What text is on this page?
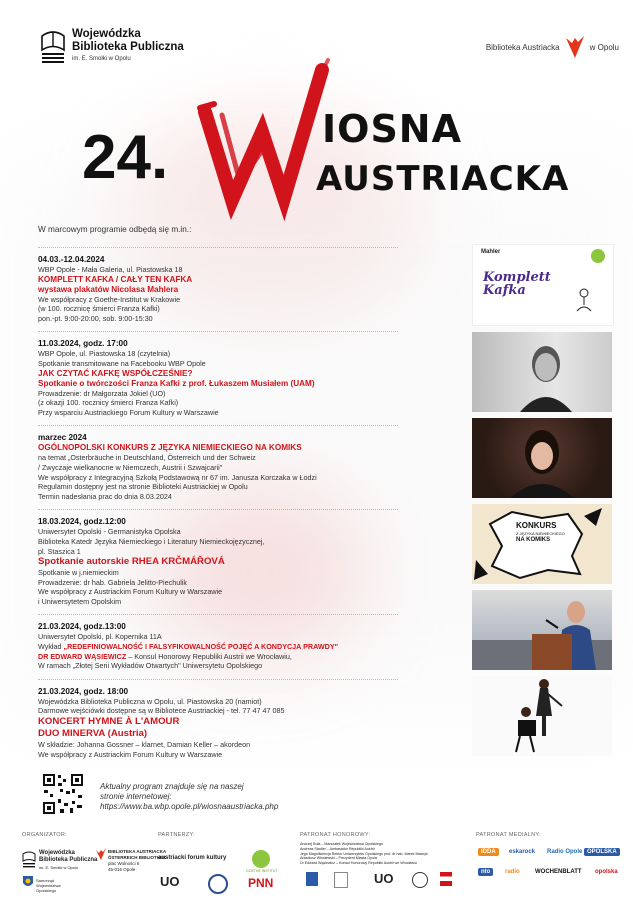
Wojewódzka
Biblioteka Publiczna
im. E. Smołki w Opolu
Biblioteka Austriacka	w Opolu
24.	IOSNA
AUSTRIACKA
W marcowym programie odbędą się m.in.:
04.03.-12.04.2024
WBP Opole - Mała Galeria, ul. Piastowska 18
KOMPLETT KAFKA / CAŁY TEN KAFKA
wystawa plakatów Nicolasa Mahlera
We współpracy z Goethe-Institut w Krakowie
(w 100. rocznicę śmierci Franza Kafki)
pon.-pt. 9:00-20:00, sob. 9:00-15:30
11.03.2024, godz. 17:00
WBP Opole, ul. Piastowska 18 (czytelnia)
Spotkanie transmitowane na Facebooku WBP Opole
JAK CZYTAĆ KAFKĘ WSPÓŁCZEŚNIE?
Spotkanie o twórczości Franza Kafki z prof. Łukaszem Musiałem (UAM)
Prowadzenie: dr Małgorzata Jokiel (UO)
(z okazji 100. rocznicy śmierci Franza Kafki)
Przy wsparciu Austriackiego Forum Kultury w Warszawie
marzec 2024
OGÓLNOPOLSKI KONKURS Z JĘZYKA NIEMIECKIEGO NA KOMIKS
na temat „Osterbräuche in Deutschland, Österreich und der Schweiz
/ Zwyczaje wielkanocne w Niemczech, Austrii i Szwajcarii"
We współpracy z Integracyjną Szkołą Podstawową nr 67 im. Janusza Korczaka w Łodzi
Regulamin dostępny jest na stronie Biblioteki Austriackiej w Opolu
Termin nadesłania prac do dnia 8.03.2024
18.03.2024, godz.12:00
Uniwersytet Opolski - Germanistyka Opolska
Biblioteka Katedr Języka Niemieckiego i Literatury Niemieckojęzycznej,
pl. Staszica 1
Spotkanie autorskie RHEA KRČMÁŘOVÁ
Spotkanie w j.niemieckim
Prowadzenie: dr hab. Gabriela Jelitto-Piechulik
We współpracy z Austriackim Forum Kultury w Warszawie
i Uniwersytetem Opolskim
21.03.2024, godz.13:00
Uniwersytet Opolski, pl. Kopernika 11A
Wykład „REDEFINIOWALNOŚĆ I FALSYFIKOWALNOŚĆ POJĘĆ A KONDYCJA PRAWDY"
DR EDWARD WĄSIEWICZ – Konsul Honorowy Republiki Austrii we Wrocławiu,
W ramach „Złotej Serii Wykładów Otwartych" Uniwersytetu Opolskiego
21.03.2024, godz. 18:00
Wojewódzka Biblioteka Publiczna w Opolu, ul. Piastowska 20 (namiot)
Darmowe wejściówki dostępne są w Bibliotece Austriackiej - tel. 77 47 47 085
KONCERT HYMNE À L'AMOUR
DUO MINERVA (Austria)
W składzie: Johanna Gossner – klarnet, Damian Keller – akordeon
We współpracy z Austriackim Forum Kultury w Warszawie
Mahler
Komplett Kafka
KONKURS
Z JĘZYKA NIEMIECKIEGO
NA KOMIKS
Aktualny program znajduje się na naszej
stronie internetowej:
https://www.ba.wbp.opole.pl/wiosnaaustriacka.php
ORGANIZATOR:	PARTNERZY:	PATRONAT HONOROWY:	PATRONAT MEDIALNY:
Wojewódzka
Biblioteka Publiczna
im. E. Smołki w Opolu
Samorząd Województwa Opolskiego
BIBLIOTEKA AUSTRIACKA
ÖSTERREICH BIBLIOTHEK
plac Wolności 6
45-016 Opole
austriacki forum kultury
GOETHE INSTITUT
UO	PNN
Andrzej Buła – Marszałek Województwa Opolskiego
Andreas Stadler – Ambasador Republiki Austrii
Jego Magnificencja Rektor Uniwersytetu Opolskiego prof. dr hab. Marek Masnyk
Arkadiusz Wiśniewski – Prezydent Miasta Opola
Dr Edward Wąsiewicz – Konsul Honorowy Republiki Austrii we Wrocławiu
UO
IDDA	eskarock	Radio Opole OPOLSKA
nto	radio	WOCHENBLATT	opolska
